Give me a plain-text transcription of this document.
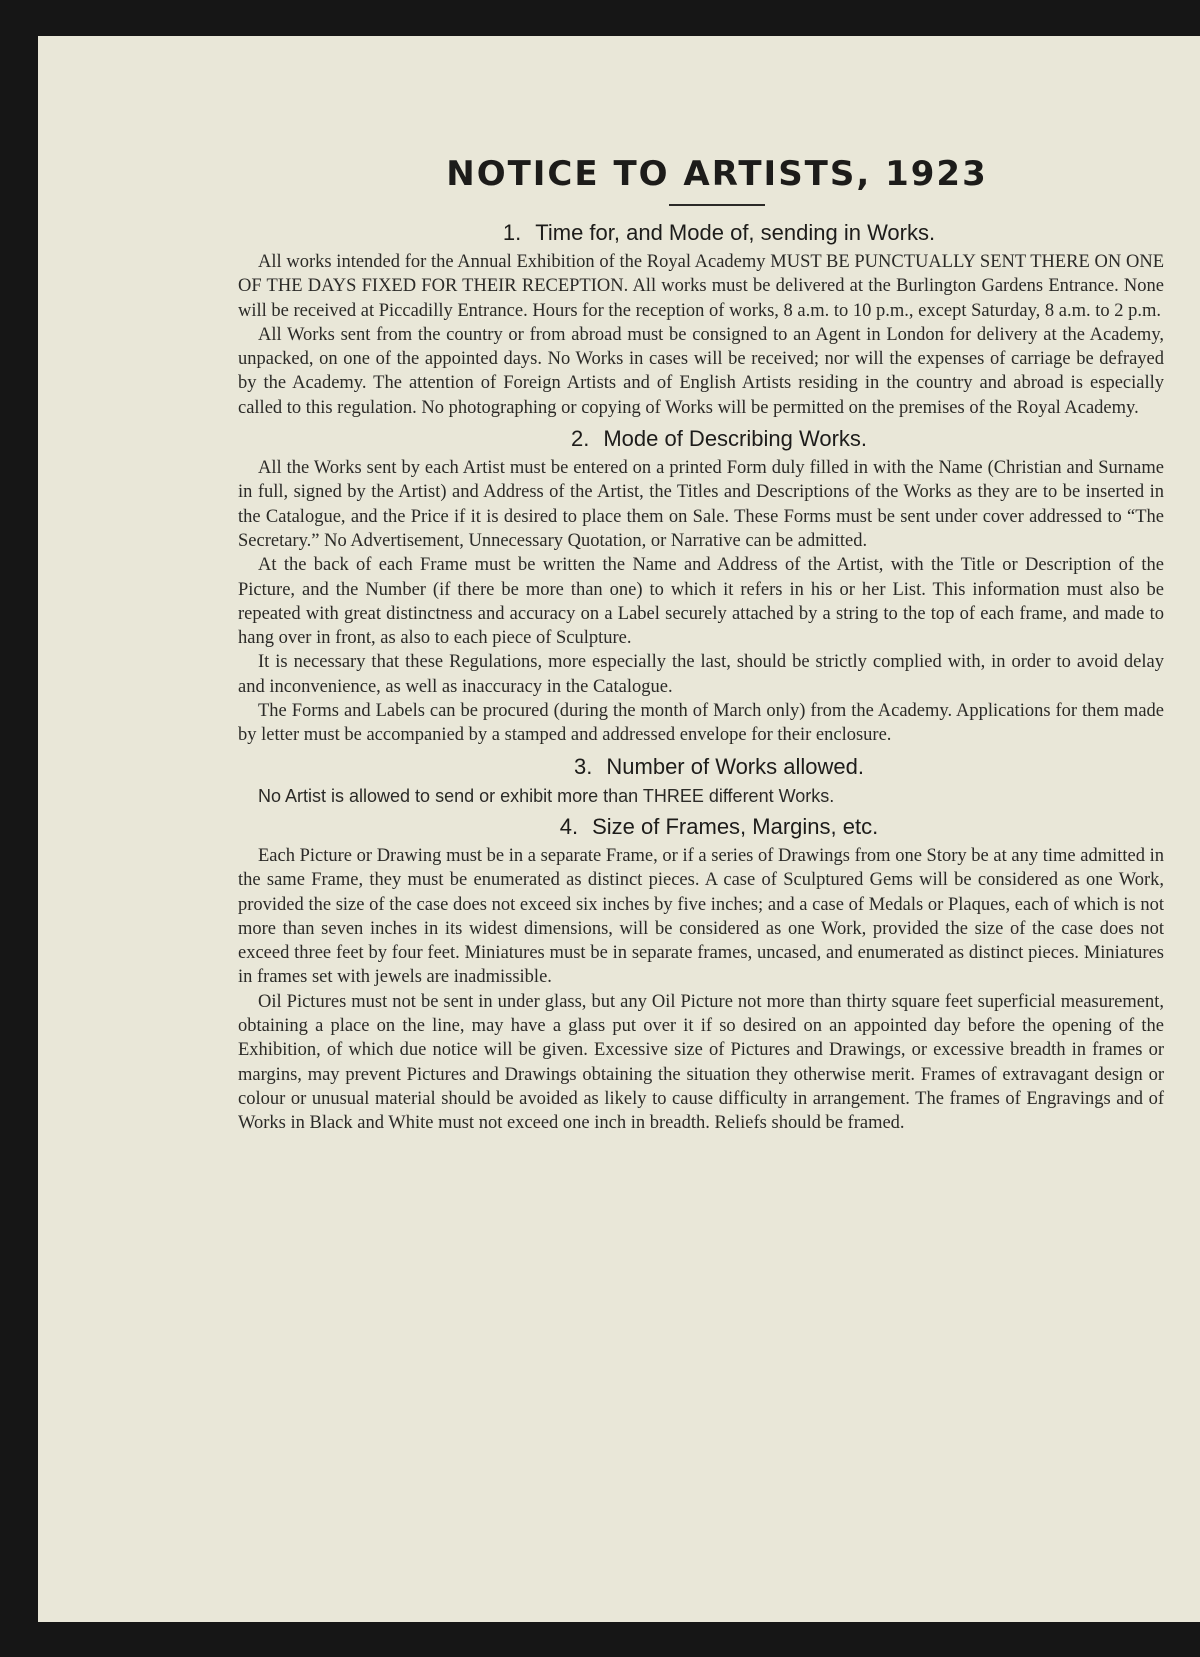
NOTICE TO ARTISTS, 1923
1. Time for, and Mode of, sending in Works.

All works intended for the Annual Exhibition of the Royal Academy MUST BE PUNCTUALLY SENT THERE ON ONE OF THE DAYS FIXED FOR THEIR RECEPTION. All works must be delivered at the Burlington Gardens Entrance. None will be received at Piccadilly Entrance. Hours for the reception of works, 8 a.m. to 10 p.m., except Saturday, 8 a.m. to 2 p.m.

All Works sent from the country or from abroad must be consigned to an Agent in London for delivery at the Academy, unpacked, on one of the appointed days. No Works in cases will be received; nor will the expenses of carriage be defrayed by the Academy. The attention of Foreign Artists and of English Artists residing in the country and abroad is especially called to this regulation. No photographing or copying of Works will be permitted on the premises of the Royal Academy.

2. Mode of Describing Works.

All the Works sent by each Artist must be entered on a printed Form duly filled in with the Name (Christian and Surname in full, signed by the Artist) and Address of the Artist, the Titles and Descriptions of the Works as they are to be inserted in the Catalogue, and the Price if it is desired to place them on Sale. These Forms must be sent under cover addressed to “The Secretary.” No Advertisement, Unnecessary Quotation, or Narrative can be admitted.

At the back of each Frame must be written the Name and Address of the Artist, with the Title or Description of the Picture, and the Number (if there be more than one) to which it refers in his or her List. This information must also be repeated with great distinctness and accuracy on a Label securely attached by a string to the top of each frame, and made to hang over in front, as also to each piece of Sculpture.

It is necessary that these Regulations, more especially the last, should be strictly complied with, in order to avoid delay and inconvenience, as well as inaccuracy in the Catalogue.

The Forms and Labels can be procured (during the month of March only) from the Academy. Applications for them made by letter must be accompanied by a stamped and addressed envelope for their enclosure.

3. Number of Works allowed.

No Artist is allowed to send or exhibit more than THREE different Works.

4. Size of Frames, Margins, etc.

Each Picture or Drawing must be in a separate Frame, or if a series of Drawings from one Story be at any time admitted in the same Frame, they must be enumerated as distinct pieces. A case of Sculptured Gems will be considered as one Work, provided the size of the case does not exceed six inches by five inches; and a case of Medals or Plaques, each of which is not more than seven inches in its widest dimensions, will be considered as one Work, provided the size of the case does not exceed three feet by four feet. Miniatures must be in separate frames, uncased, and enumerated as distinct pieces. Miniatures in frames set with jewels are inadmissible.

Oil Pictures must not be sent in under glass, but any Oil Picture not more than thirty square feet superficial measurement, obtaining a place on the line, may have a glass put over it if so desired on an appointed day before the opening of the Exhibition, of which due notice will be given. Excessive size of Pictures and Drawings, or excessive breadth in frames or margins, may prevent Pictures and Drawings obtaining the situation they otherwise merit. Frames of extravagant design or colour or unusual material should be avoided as likely to cause difficulty in arrangement. The frames of Engravings and of Works in Black and White must not exceed one inch in breadth. Reliefs should be framed.
